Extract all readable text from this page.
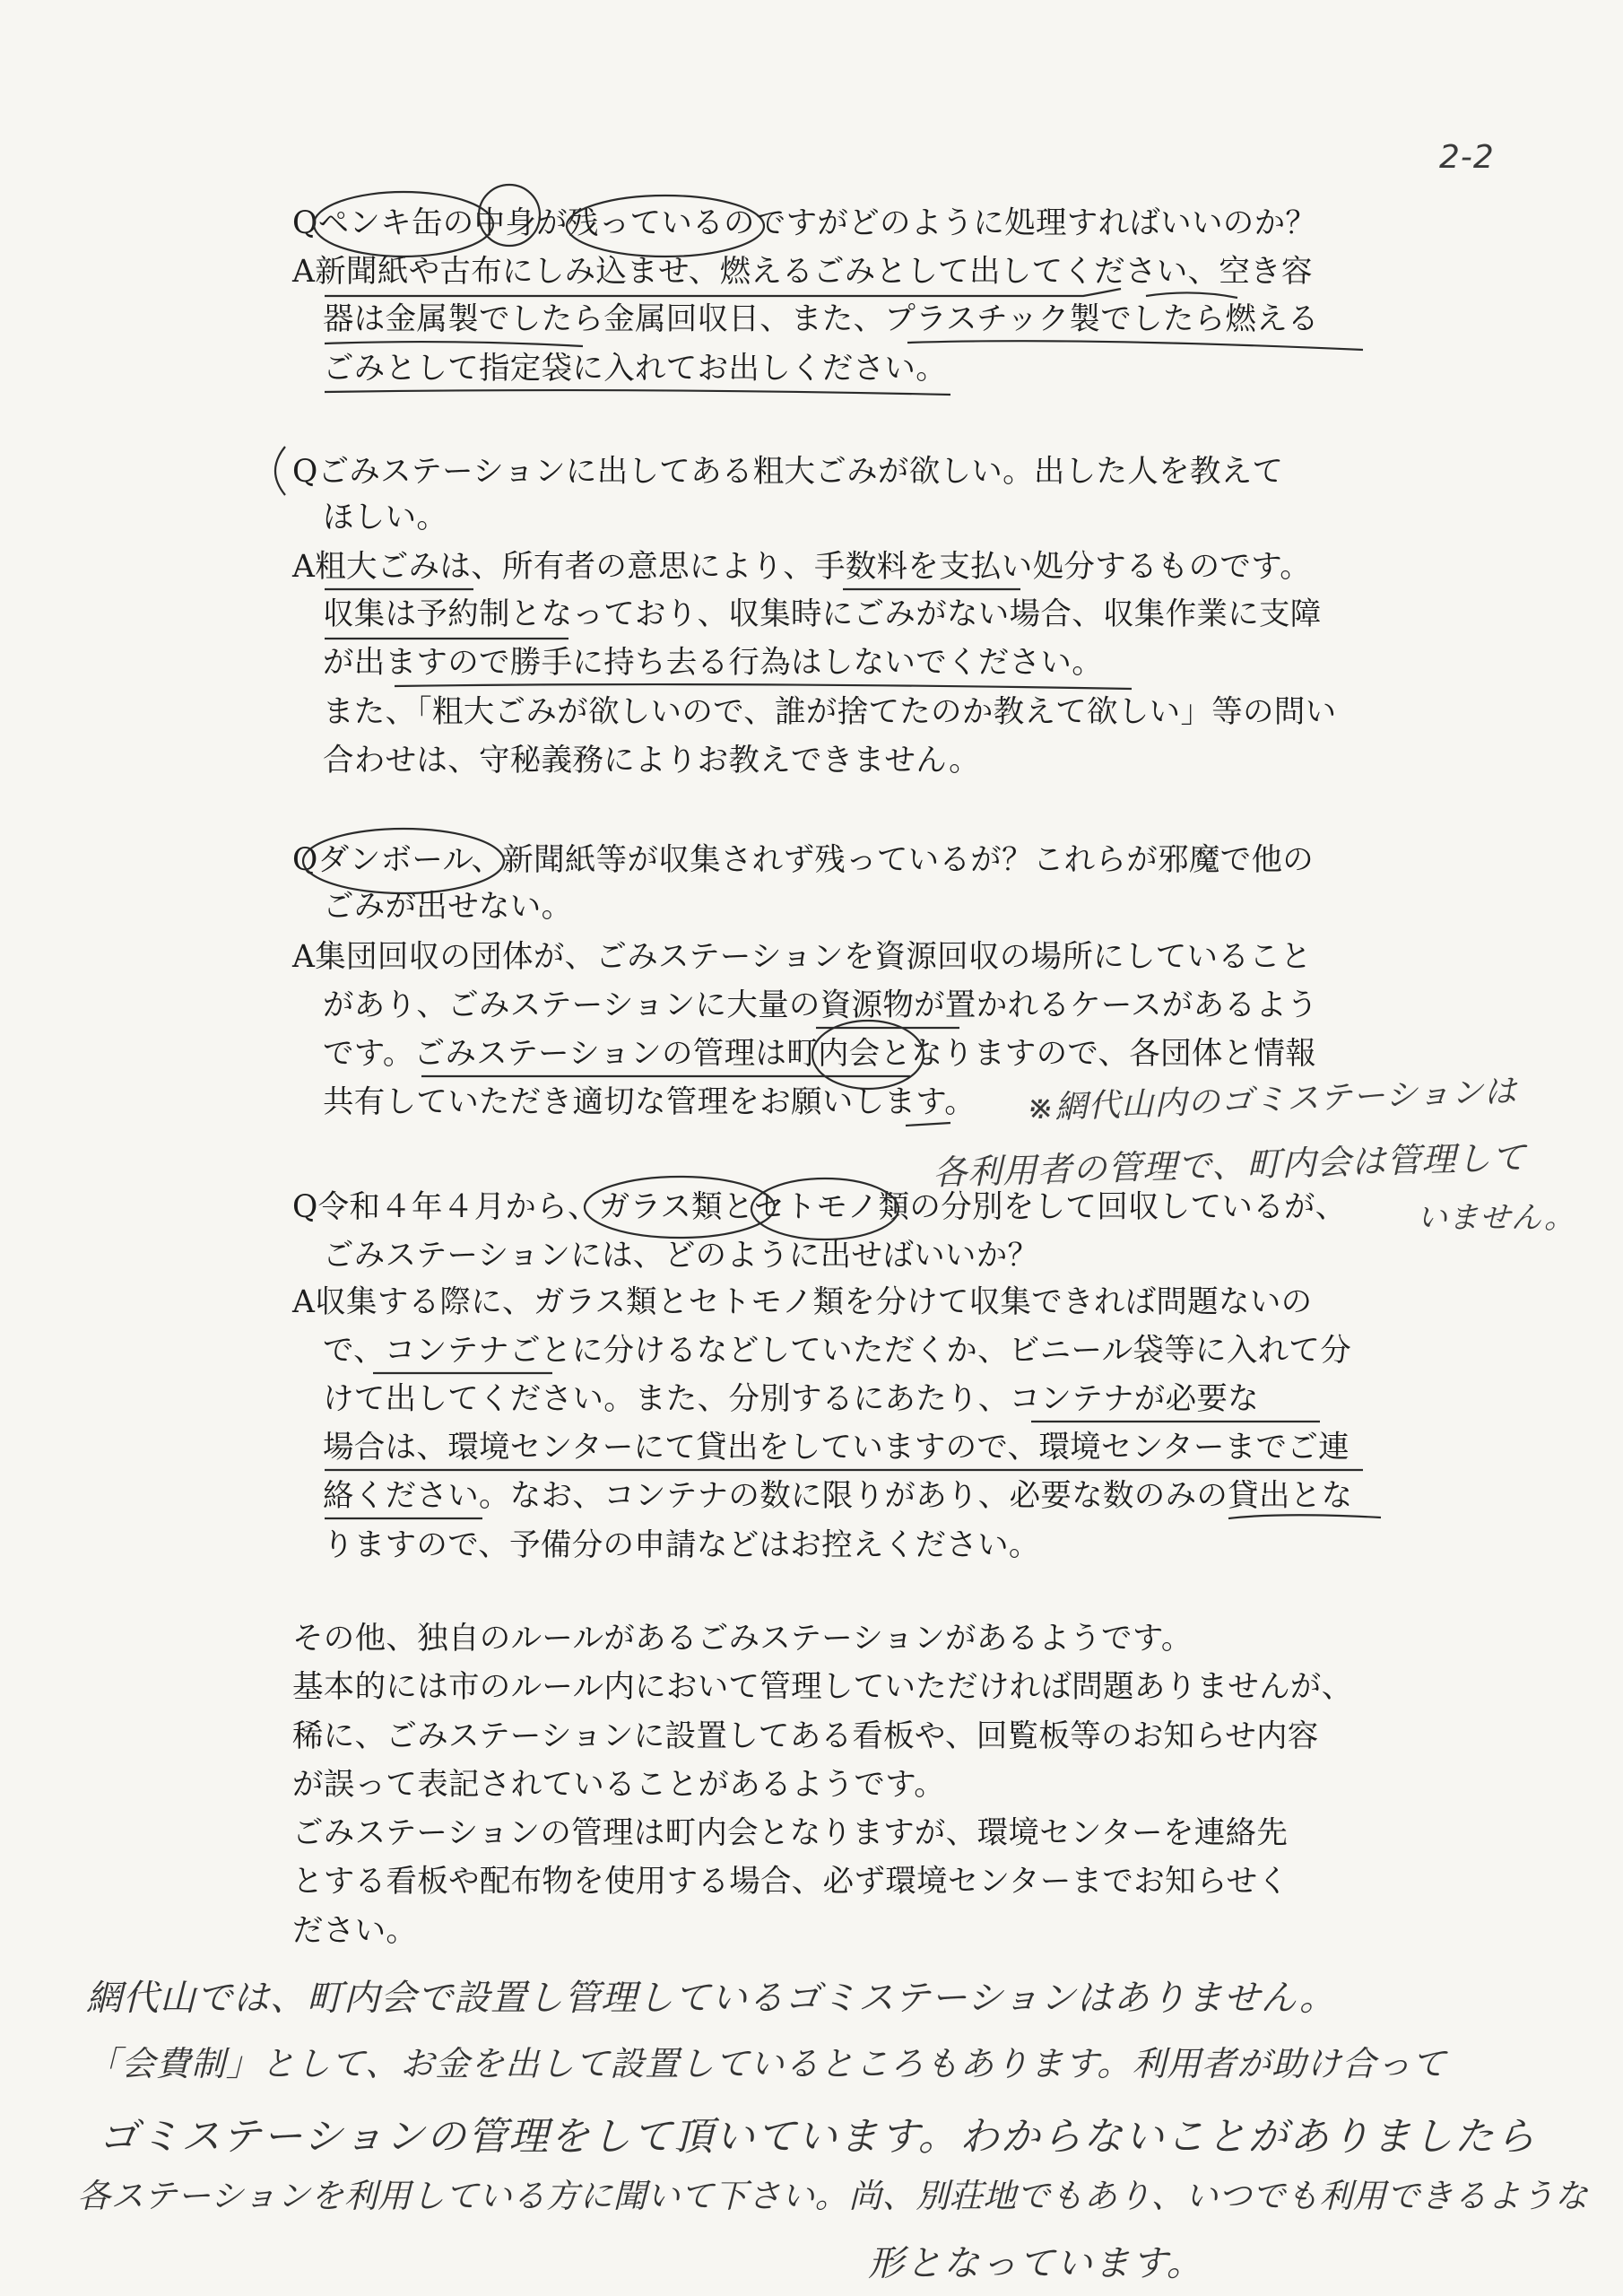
2-2
Qペンキ缶の中身が残っているのですがどのように処理すればいいのか？
A新聞紙や古布にしみ込ませ、燃えるごみとして出してください、空き容
器は金属製でしたら金属回収日、また、プラスチック製でしたら燃える
ごみとして指定袋に入れてお出しください。
Qごみステーションに出してある粗大ごみが欲しい。出した人を教えて
ほしい。
A粗大ごみは、所有者の意思により、手数料を支払い処分するものです。
収集は予約制となっており、収集時にごみがない場合、収集作業に支障
が出ますので勝手に持ち去る行為はしないでください。
また、「粗大ごみが欲しいので、誰が捨てたのか教えて欲しい」等の問い
合わせは、守秘義務によりお教えできません。
Qダンボール、新聞紙等が収集されず残っているが？これらが邪魔で他の
ごみが出せない。
A集団回収の団体が、ごみステーションを資源回収の場所にしていること
があり、ごみステーションに大量の資源物が置かれるケースがあるよう
です。ごみステーションの管理は町内会となりますので、各団体と情報
共有していただき適切な管理をお願いします。
Q令和４年４月から、ガラス類とセトモノ類の分別をして回収しているが、
ごみステーションには、どのように出せばいいか？
A収集する際に、ガラス類とセトモノ類を分けて収集できれば問題ないの
で、コンテナごとに分けるなどしていただくか、ビニール袋等に入れて分
けて出してください。また、分別するにあたり、コンテナが必要な
場合は、環境センターにて貸出をしていますので、環境センターまでご連
絡ください。なお、コンテナの数に限りがあり、必要な数のみの貸出とな
りますので、予備分の申請などはお控えください。
その他、独自のルールがあるごみステーションがあるようです。
基本的には市のルール内において管理していただければ問題ありませんが、
稀に、ごみステーションに設置してある看板や、回覧板等のお知らせ内容
が誤って表記されていることがあるようです。
ごみステーションの管理は町内会となりますが、環境センターを連絡先
とする看板や配布物を使用する場合、必ず環境センターまでお知らせく
ださい。
※網代山内のゴミステーションは
各利用者の管理で、町内会は管理して
いません。
網代山では、町内会で設置し管理しているゴミステーションはありません。
「会費制」として、お金を出して設置しているところもあります。利用者が助け合って
ゴミステーションの管理をして頂いています。わからないことがありましたら
各ステーションを利用している方に聞いて下さい。尚、別荘地でもあり、いつでも利用できるような
形となっています。
